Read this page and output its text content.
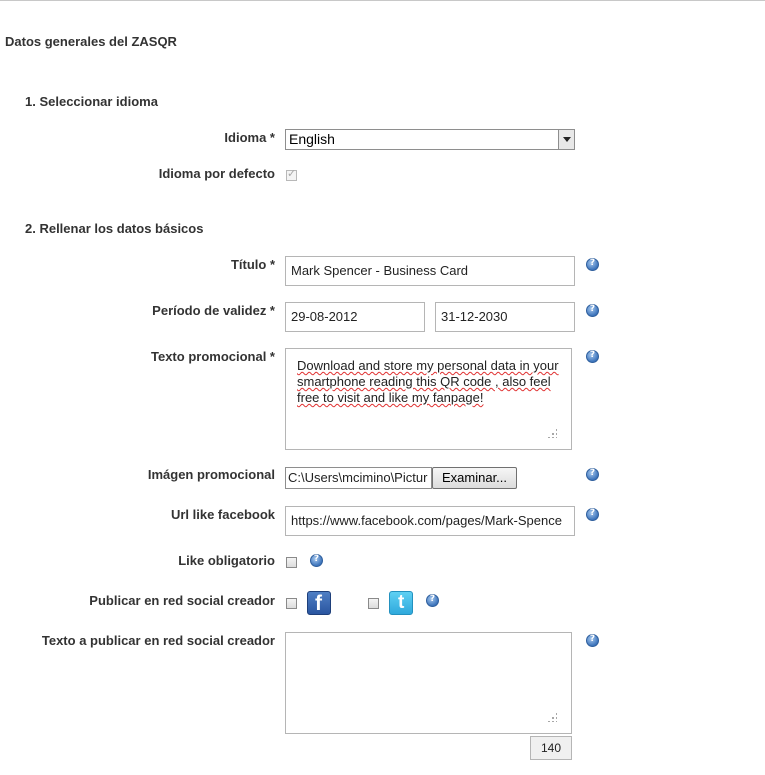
Datos generales del ZASQR
1. Seleccionar idioma
Idioma * English
Idioma por defecto
✓
2. Rellenar los datos básicos
Título *	Mark Spencer - Business Card
?
Período de validez *	29-08-2012	31-12-2030
?
Texto promocional *
Download and store my personal data in your smartphone reading this QR code , also feel free to visit and like my fanpage!
?
Imágen promocional C:\Users\mcimino\Pictur	Examinar...
?
Url like facebook	https://www.facebook.com/pages/Mark-Spence
?
Like obligatorio
?
Publicar en red social creador
f
t
?
Texto a publicar en red social creador
?
140
